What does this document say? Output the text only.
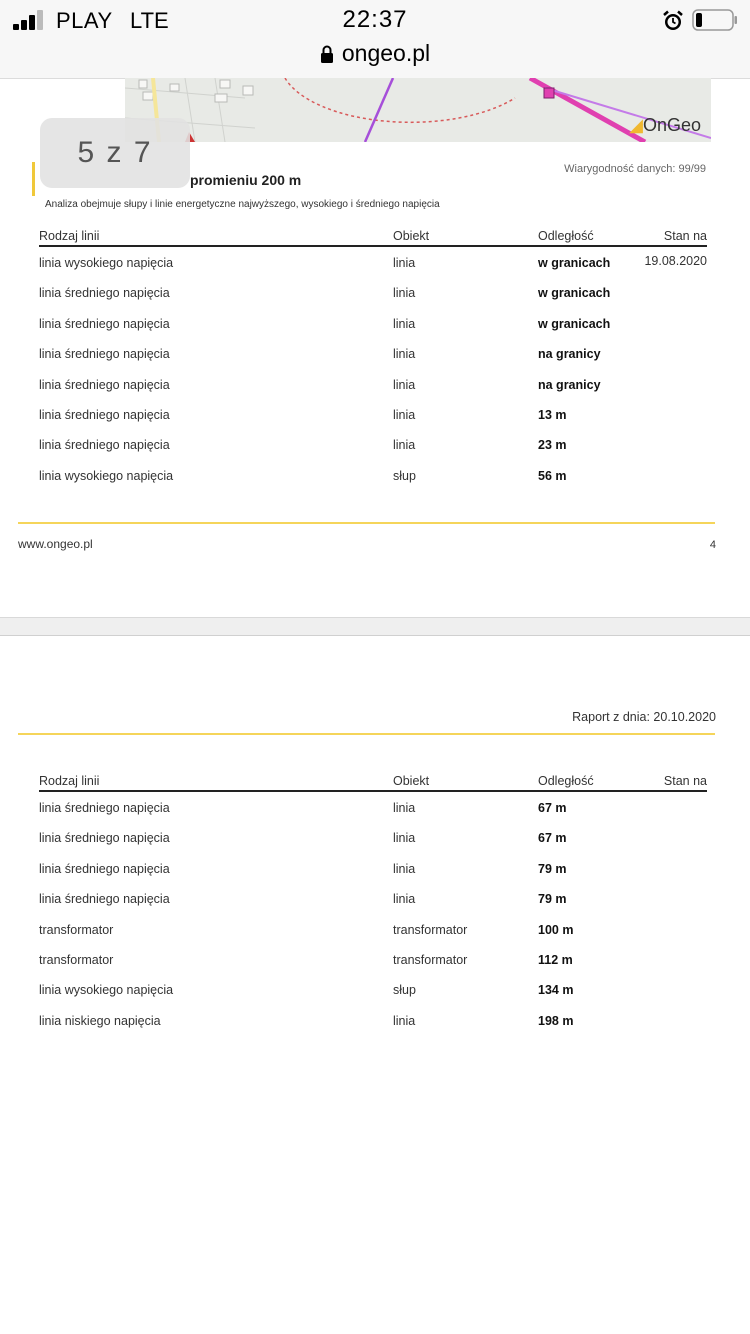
PLAY LTE	22:37
ongeo.pl
◢OnGeo
5 z 7
promieniu 200 m
Wiarygodność danych: 99/99
Analiza obejmuje słupy i linie energetyczne najwyższego, wysokiego i średniego napięcia
Rodzaj linii	Obiekt	Odległość	Stan na
linia wysokiego napięcia	linia	w granicach	19.08.2020
linia średniego napięcia	linia	w granicach
linia średniego napięcia	linia	w granicach
linia średniego napięcia	linia	na granicy
linia średniego napięcia	linia	na granicy
linia średniego napięcia	linia	13 m
linia średniego napięcia	linia	23 m
linia wysokiego napięcia	słup	56 m
www.ongeo.pl	4
Raport z dnia: 20.10.2020
Rodzaj linii	Obiekt	Odległość	Stan na
linia średniego napięcia	linia	67 m
linia średniego napięcia	linia	67 m
linia średniego napięcia	linia	79 m
linia średniego napięcia	linia	79 m
transformator	transformator	100 m
transformator	transformator	112 m
linia wysokiego napięcia	słup	134 m
linia niskiego napięcia	linia	198 m
